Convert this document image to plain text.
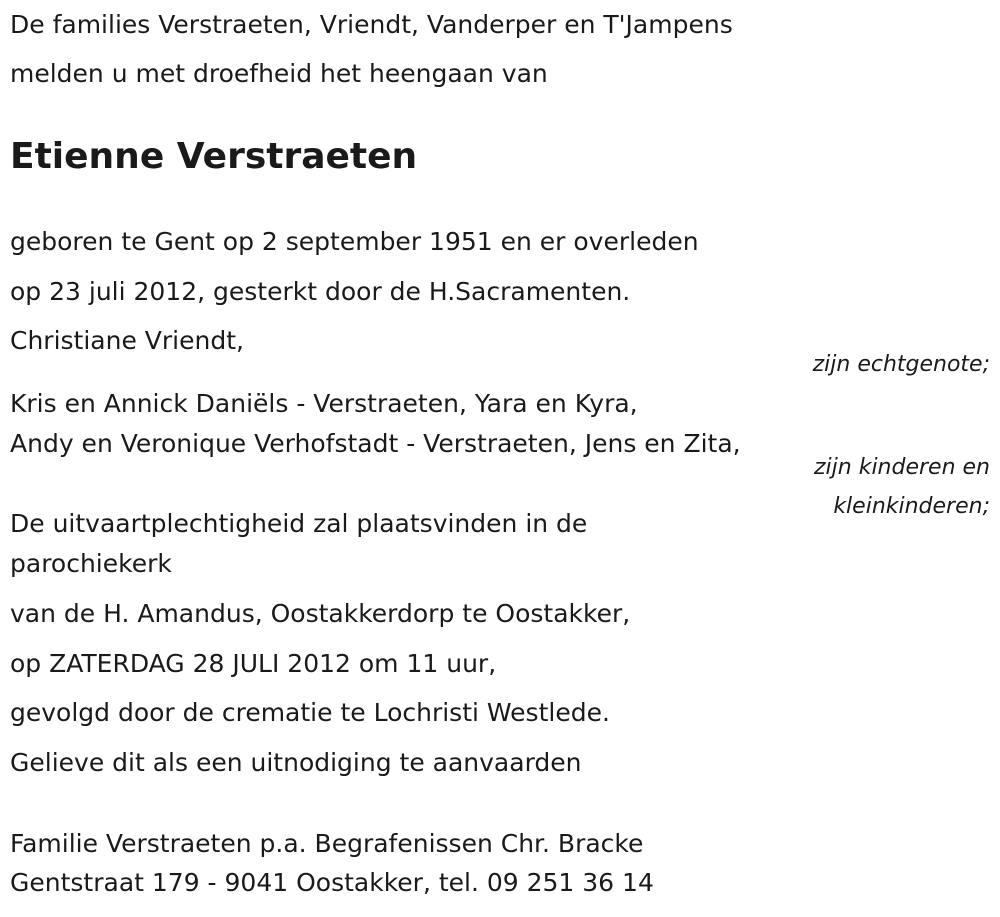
De families Verstraeten, Vriendt, Vanderper en T'Jampens
melden u met droefheid het heengaan van
Etienne Verstraeten
geboren te Gent op 2 september 1951 en er overleden
op 23 juli 2012, gesterkt door de H.Sacramenten.
Christiane Vriendt,
zijn echtgenote;
Kris en Annick Daniëls - Verstraeten, Yara en Kyra,
Andy en Veronique Verhofstadt - Verstraeten, Jens en Zita,
zijn kinderen en
kleinkinderen;
De uitvaartplechtigheid zal plaatsvinden in de
parochiekerk
van de H. Amandus, Oostakkerdorp te Oostakker,
op ZATERDAG 28 JULI 2012 om 11 uur,
gevolgd door de crematie te Lochristi Westlede.
Gelieve dit als een uitnodiging te aanvaarden
Familie Verstraeten p.a. Begrafenissen Chr. Bracke
Gentstraat 179 - 9041 Oostakker, tel. 09 251 36 14
